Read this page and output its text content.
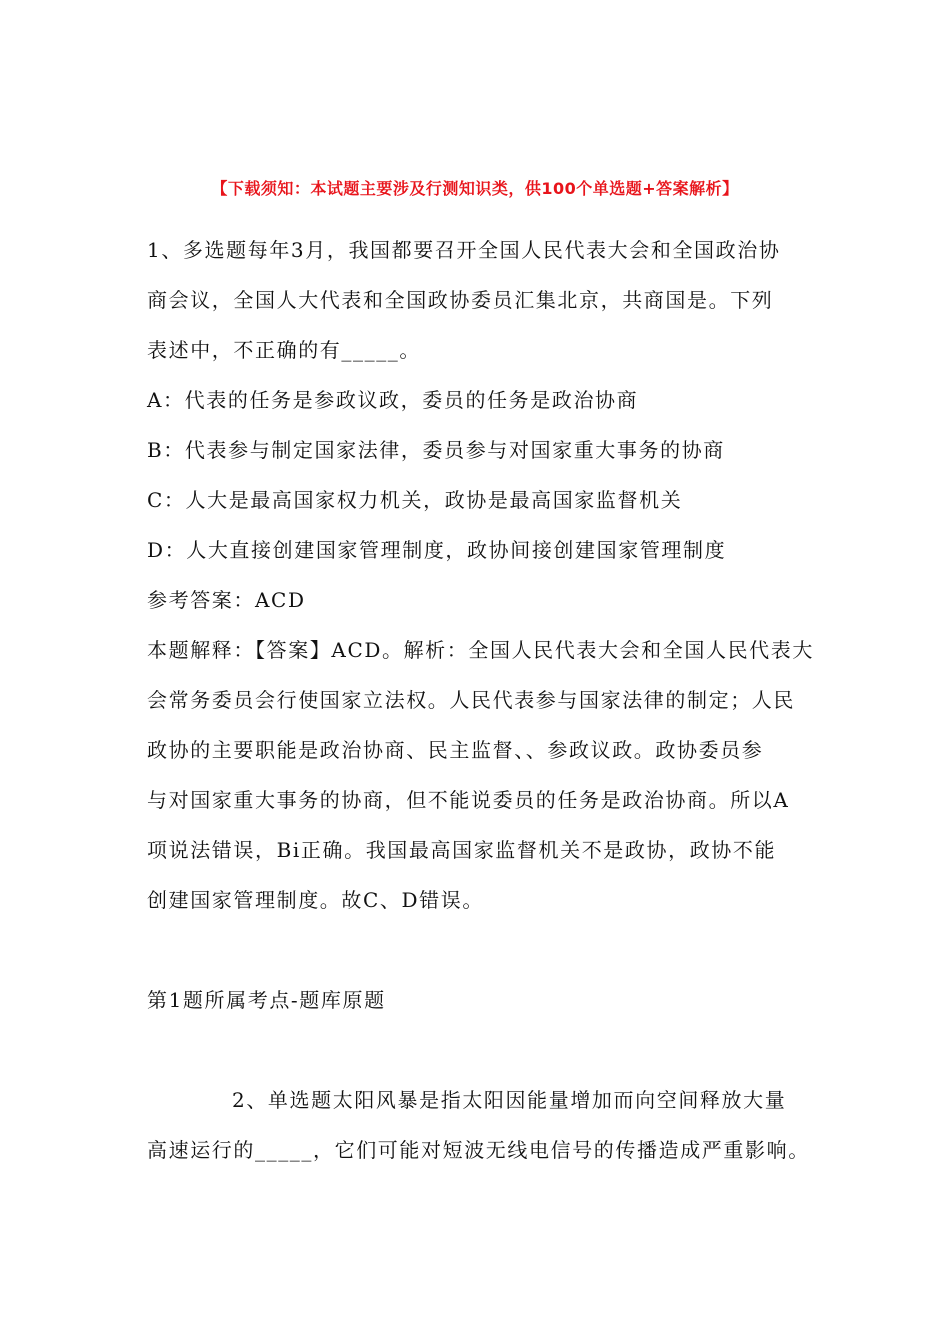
【下载须知：本试题主要涉及行测知识类，供100个单选题+答案解析】
1、多选题每年3月，我国都要召开全国人民代表大会和全国政治协
商会议，全国人大代表和全国政协委员汇集北京，共商国是。下列
表述中，不正确的有_____。
A：代表的任务是参政议政，委员的任务是政治协商
B：代表参与制定国家法律，委员参与对国家重大事务的协商
C：人大是最高国家权力机关，政协是最高国家监督机关
D：人大直接创建国家管理制度，政协间接创建国家管理制度
参考答案：ACD
本题解释：【答案】ACD。解析：全国人民代表大会和全国人民代表大
会常务委员会行使国家立法权。人民代表参与国家法律的制定；人民
政协的主要职能是政治协商、民主监督、、参政议政。政协委员参
与对国家重大事务的协商，但不能说委员的任务是政治协商。所以A
项说法错误，Bi正确。我国最高国家监督机关不是政协，政协不能
创建国家管理制度。故C、D错误。
第1题所属考点-题库原题
2、单选题太阳风暴是指太阳因能量增加而向空间释放大量
高速运行的_____，它们可能对短波无线电信号的传播造成严重影响。
